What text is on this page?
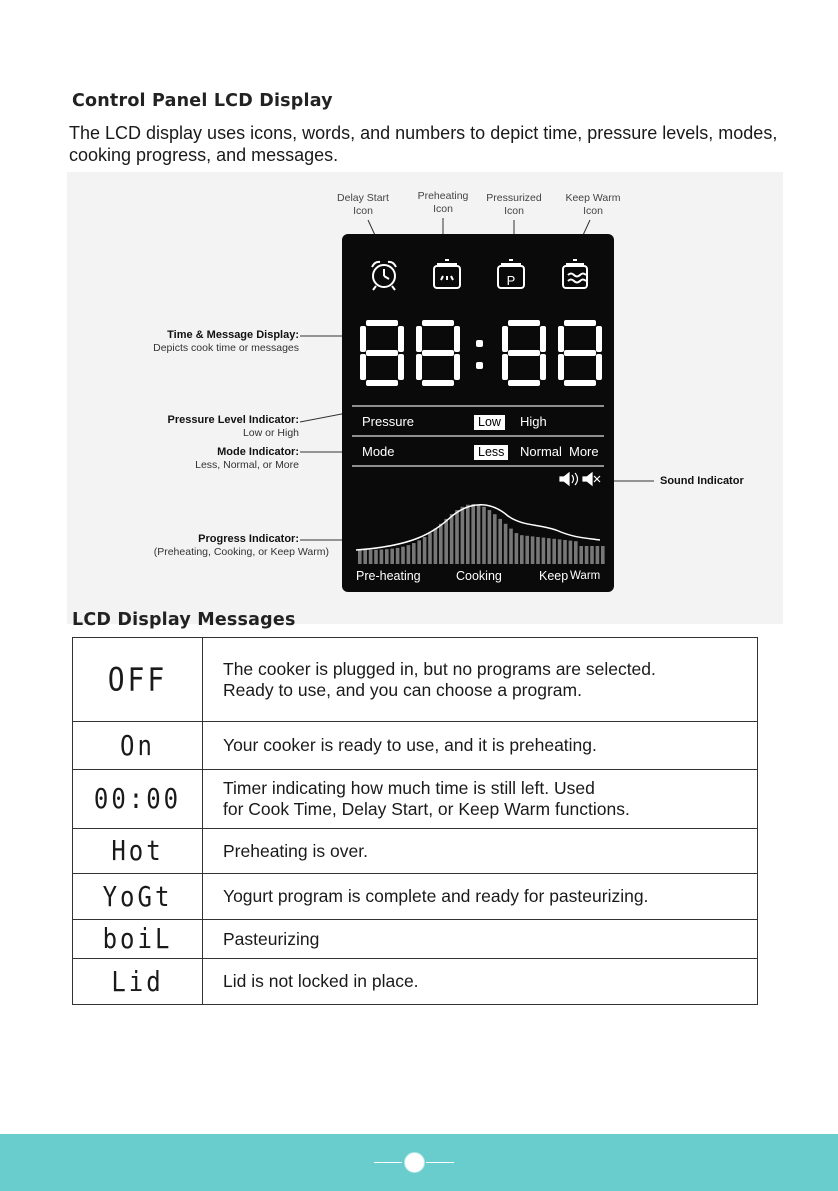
Control Panel LCD Display
The LCD display uses icons, words, and numbers to depict time, pressure levels, modes, cooking progress, and messages.
Delay Start
Icon
Preheating
Icon
Pressurized
Icon
Keep Warm
Icon
Time & Message Display:
Depicts cook time or messages
Pressure Level Indicator:
Low or High
Mode Indicator:
Less, Normal, or More
Progress Indicator:
(Preheating, Cooking, or Keep Warm)
Sound Indicator
P
Pressure	Low	High
Mode	Less	Normal More
Pre-heating	Cooking	Keep Warm
LCD Display Messages
OFF	The cooker is plugged in, but no programs are selected.
Ready to use, and you can choose a program.

On	Your cooker is ready to use, and it is preheating.

00:00	Timer indicating how much time is still left. Used
for Cook Time, Delay Start, or Keep Warm functions.

Hot	Preheating is over.

YoGt	Yogurt program is complete and ready for pasteurizing.

boiL	Pasteurizing

Lid	Lid is not locked in place.
